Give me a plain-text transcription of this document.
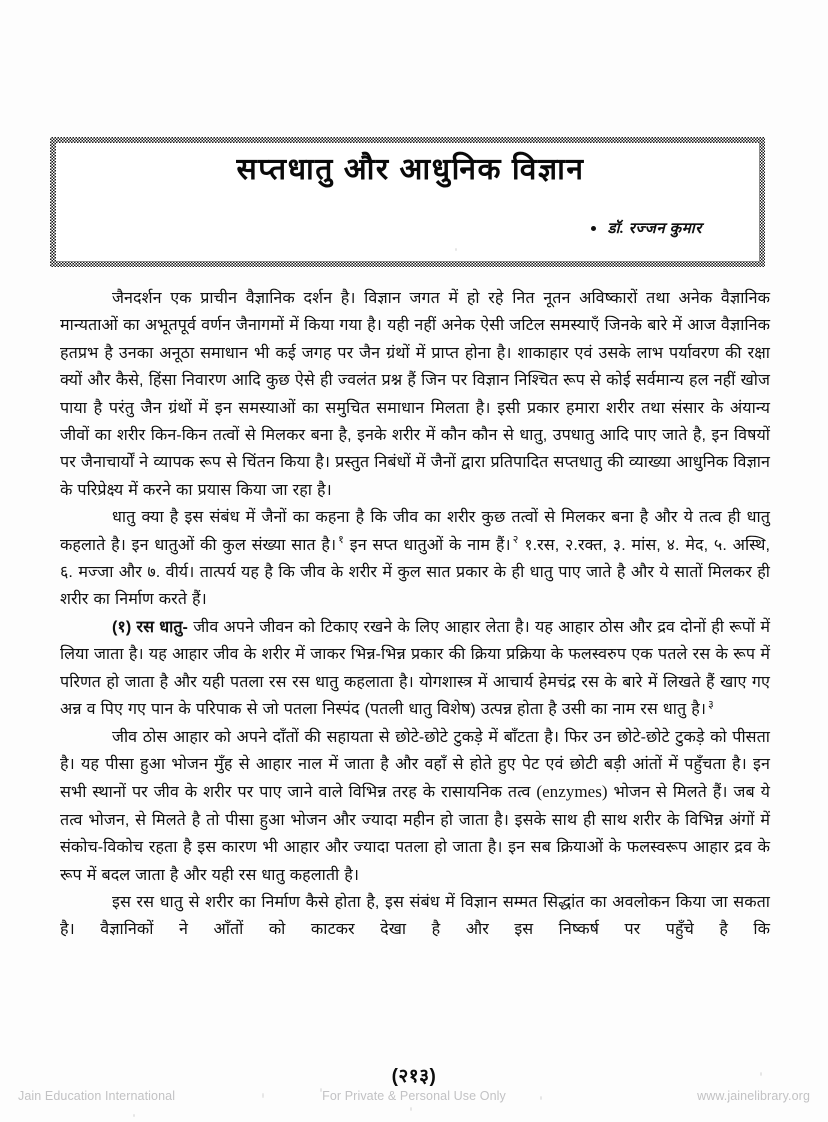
सप्तधातु और आधुनिक विज्ञान
डॉ. रज्जन कुमार

जैनदर्शन एक प्राचीन वैज्ञानिक दर्शन है। विज्ञान जगत में हो रहे नित नूतन अविष्कारों तथा अनेक वैज्ञानिक मान्यताओं का अभूतपूर्व वर्णन जैनागमों में किया गया है। यही नहीं अनेक ऐसी जटिल समस्याएँ जिनके बारे में आज वैज्ञानिक हतप्रभ है उनका अनूठा समाधान भी कई जगह पर जैन ग्रंथों में प्राप्त होना है। शाकाहार एवं उसके लाभ पर्यावरण की रक्षा क्यों और कैसे, हिंसा निवारण आदि कुछ ऐसे ही ज्वलंत प्रश्न हैं जिन पर विज्ञान निश्चित रूप से कोई सर्वमान्य हल नहीं खोज पाया है परंतु जैन ग्रंथों में इन समस्याओं का समुचित समाधान मिलता है। इसी प्रकार हमारा शरीर तथा संसार के अंयान्य जीवों का शरीर किन-किन तत्वों से मिलकर बना है, इनके शरीर में कौन कौन से धातु, उपधातु आदि पाए जाते है, इन विषयों पर जैनाचार्यों ने व्यापक रूप से चिंतन किया है। प्रस्तुत निबंधों में जैनों द्वारा प्रतिपादित सप्तधातु की व्याख्या आधुनिक विज्ञान के परिप्रेक्ष्य में करने का प्रयास किया जा रहा है।

धातु क्या है इस संबंध में जैनों का कहना है कि जीव का शरीर कुछ तत्वों से मिलकर बना है और ये तत्व ही धातु कहलाते है। इन धातुओं की कुल संख्या सात है। $^१$ इन सप्त धातुओं के नाम हैं। $^२$ १.रस, २.रक्त, ३. मांस, ४. मेद, ५. अस्थि, ६. मज्जा और ७. वीर्य। तात्पर्य यह है कि जीव के शरीर में कुल सात प्रकार के ही धातु पाए जाते है और ये सातों मिलकर ही शरीर का निर्माण करते हैं।

(१) रस धातु- जीव अपने जीवन को टिकाए रखने के लिए आहार लेता है। यह आहार ठोस और द्रव दोनों ही रूपों में लिया जाता है। यह आहार जीव के शरीर में जाकर भिन्न-भिन्न प्रकार की क्रिया प्रक्रिया के फलस्वरुप एक पतले रस के रूप में परिणत हो जाता है और यही पतला रस रस धातु कहलाता है। योगशास्त्र में आचार्य हेमचंद्र रस के बारे में लिखते हैं खाए गए अन्न व पिए गए पान के परिपाक से जो पतला निस्पंद (पतली धातु विशेष) उत्पन्न होता है उसी का नाम रस धातु है। $^३$

जीव ठोस आहार को अपने दाँतों की सहायता से छोटे-छोटे टुकड़े में बाँटता है। फिर उन छोटे-छोटे टुकड़े को पीसता है। यह पीसा हुआ भोजन मुँह से आहार नाल में जाता है और वहाँ से होते हुए पेट एवं छोटी बड़ी आंतों में पहुँचता है। इन सभी स्थानों पर जीव के शरीर पर पाए जाने वाले विभिन्न तरह के रासायनिक तत्व (enzymes) भोजन से मिलते हैं। जब ये तत्व भोजन, से मिलते है तो पीसा हुआ भोजन और ज्यादा महीन हो जाता है। इसके साथ ही साथ शरीर के विभिन्न अंगों में संकोच-विकोच रहता है इस कारण भी आहार और ज्यादा पतला हो जाता है। इन सब क्रियाओं के फलस्वरूप आहार द्रव के रूप में बदल जाता है और यही रस धातु कहलाती है।

इस रस धातु से शरीर का निर्माण कैसे होता है, इस संबंध में विज्ञान सम्मत सिद्धांत का अवलोकन किया जा सकता है। वैज्ञानिकों ने आँतों को काटकर देखा है और इस निष्कर्ष पर पहुँचे है कि

(२१३)
Jain Education International	For Private & Personal Use Only	www.jainelibrary.org
